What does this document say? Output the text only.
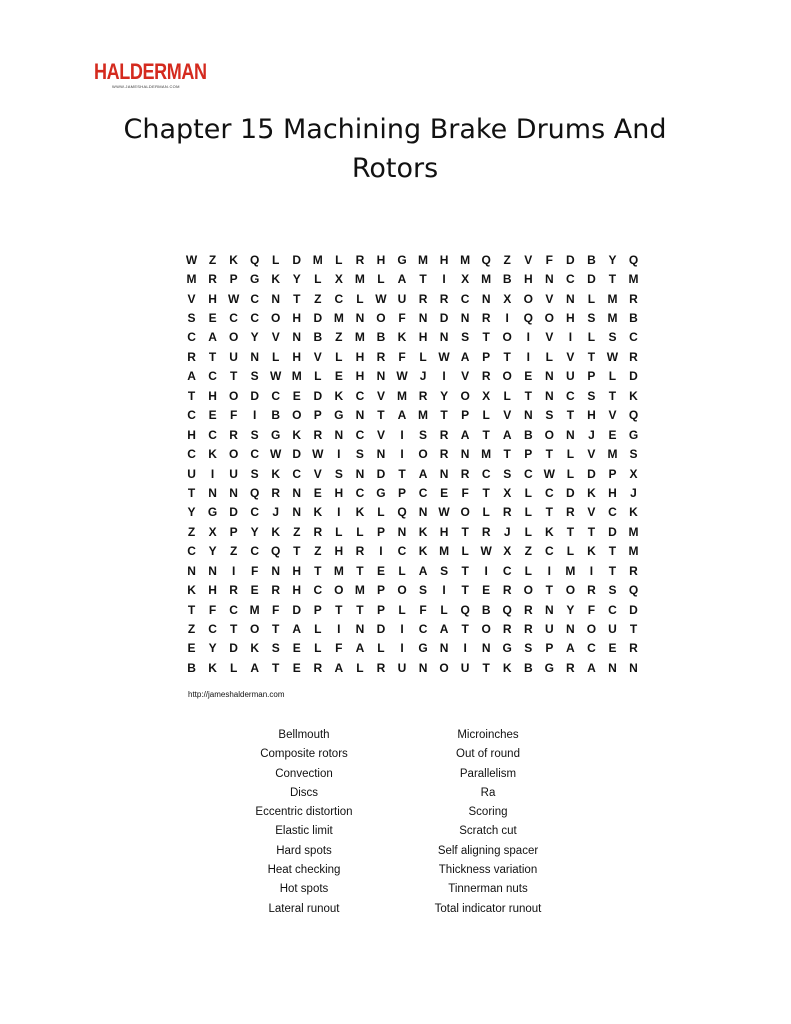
HALDERMAN
WWW.JAMESHALDERMAN.COM
Chapter 15 Machining Brake Drums And Rotors
W Z	K	Q	L	D M	L	R	H	G M H M Q	Z	V	F	D	B	Y	Q
M R	P	G	K	Y	L	X	M	L	A	T	I	X	M B	H	N	C	D	T	M
V	H W C	N	T	Z	C	L W U	R	R	C	N	X	O	V	N	L	M R
S	E	C	C	O	H	D M N	O	F	N	D	N	R	I	Q O	H	S	M B
C	A	O	Y	V	N	B	Z	M B	K	H	N	S	T	O	I	V	I	L	S	C
R	T	U	N	L	H	V	L	H	R	F	L W A	P	T	I	L	V	T W R
A	C	T	S W M	L	E	H	N W	J	I	V	R	O	E	N	U	P	L	D
T	H	O	D	C	E	D	K	C	V	M R	Y	O	X	L	T	N	C	S	T	K
C	E	F	I	B	O	P	G	N	T	A M	T	P	L	V	N	S	T	H	V	Q
H	C	R	S	G	K	R	N	C	V	I	S	R	A	T	A	B	O	N	J	E	G
C	K	O	C W D W	I	S	N	I	O	R	N M	T	P	T	L	V	M	S
U	I	U	S	K	C	V	S	N	D	T	A	N	R	C	S	C W L	D	P	X
T	N	N	Q	R	N	E	H	C	G	P	C	E	F	T	X	L	C	D	K	H	J
Y	G	D	C	J	N	K	I	K	L	Q	N W O	L	R	L	T	R	V	C	K
Z	X	P	Y	K	Z	R	L	L	P	N	K	H	T	R	J	L	K	T	T	D M
C	Y	Z	C	Q	T	Z	H	R	I	C	K M	L W X	Z	C	L	K	T	M
N	N	I	F	N	H	T	M	T	E	L	A	S	T	I	C	L	I	M	I	T	R
K	H	R	E	R	H	C	O M	P	O	S	I	T	E	R	O	T	O	R	S	Q
T	F	C M	F	D	P	T	T	P	L	F	L	Q	B	Q	R	N	Y	F	C	D
Z	C	T	O	T	A	L	I	N	D	I	C	A	T	O	R	R	U	N	O	U	T
E	Y	D	K	S	E	L	F	A	L	I	G	N	I	N	G	S	P	A	C	E	R
B	K	L	A	T	E	R	A	L	R	U	N	O	U	T	K	B	G	R	A	N	N
http://jameshalderman.com
Bellmouth
Composite rotors
Convection
Discs
Eccentric distortion
Elastic limit
Hard spots
Heat checking
Hot spots
Lateral runout
Microinches
Out of round
Parallelism
Ra
Scoring
Scratch cut
Self aligning spacer
Thickness variation
Tinnerman nuts
Total indicator runout
